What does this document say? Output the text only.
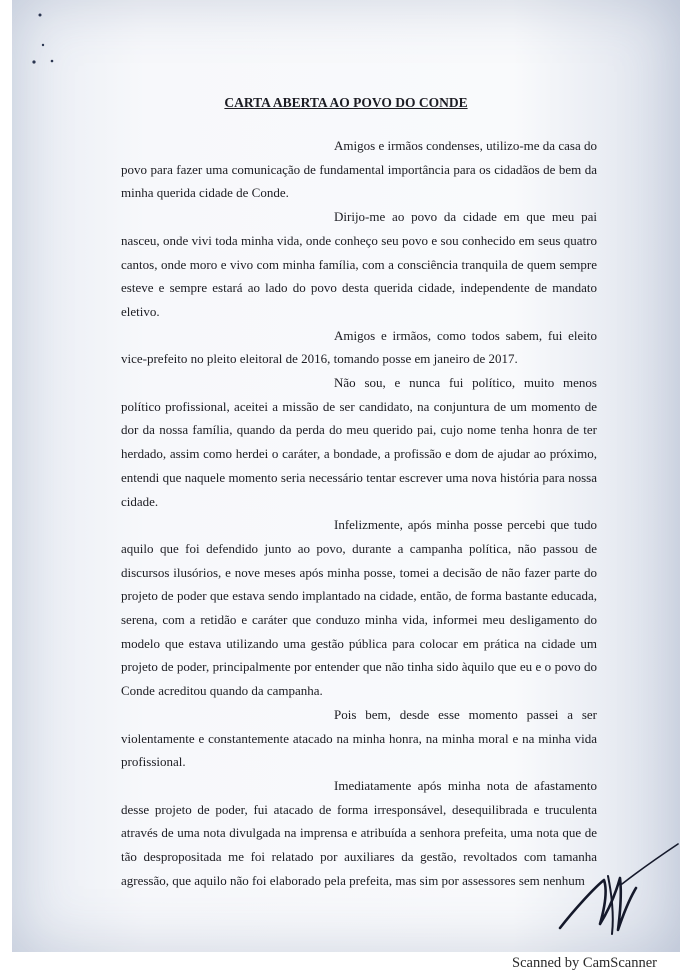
CARTA ABERTA AO POVO DO CONDE

Amigos e irmãos condenses, utilizo-me da casa do povo para fazer uma comunicação de fundamental importância para os cidadãos de bem da minha querida cidade de Conde.

Dirijo-me ao povo da cidade em que meu pai nasceu, onde vivi toda minha vida, onde conheço seu povo e sou conhecido em seus quatro cantos, onde moro e vivo com minha família, com a consciência tranquila de quem sempre esteve e sempre estará ao lado do povo desta querida cidade, independente de mandato eletivo.

Amigos e irmãos, como todos sabem, fui eleito vice-prefeito no pleito eleitoral de 2016, tomando posse em janeiro de 2017.

Não sou, e nunca fui político, muito menos político profissional, aceitei a missão de ser candidato, na conjuntura de um momento de dor da nossa família, quando da perda do meu querido pai, cujo nome tenha honra de ter herdado, assim como herdei o caráter, a bondade, a profissão e dom de ajudar ao próximo, entendi que naquele momento seria necessário tentar escrever uma nova história para nossa cidade.

Infelizmente, após minha posse percebi que tudo aquilo que foi defendido junto ao povo, durante a campanha política, não passou de discursos ilusórios, e nove meses após minha posse, tomei a decisão de não fazer parte do projeto de poder que estava sendo implantado na cidade, então, de forma bastante educada, serena, com a retidão e caráter que conduzo minha vida, informei meu desligamento do modelo que estava utilizando uma gestão pública para colocar em prática na cidade um projeto de poder, principalmente por entender que não tinha sido àquilo que eu e o povo do Conde acreditou quando da campanha.

Pois bem, desde esse momento passei a ser violentamente e constantemente atacado na minha honra, na minha moral e na minha vida profissional.

Imediatamente após minha nota de afastamento desse projeto de poder, fui atacado de forma irresponsável, desequilibrada e truculenta através de uma nota divulgada na imprensa e atribuída a senhora prefeita, uma nota que de tão despropositada me foi relatado por auxiliares da gestão, revoltados com tamanha agressão, que aquilo não foi elaborado pela prefeita, mas sim por assessores sem nenhum

Scanned by CamScanner
